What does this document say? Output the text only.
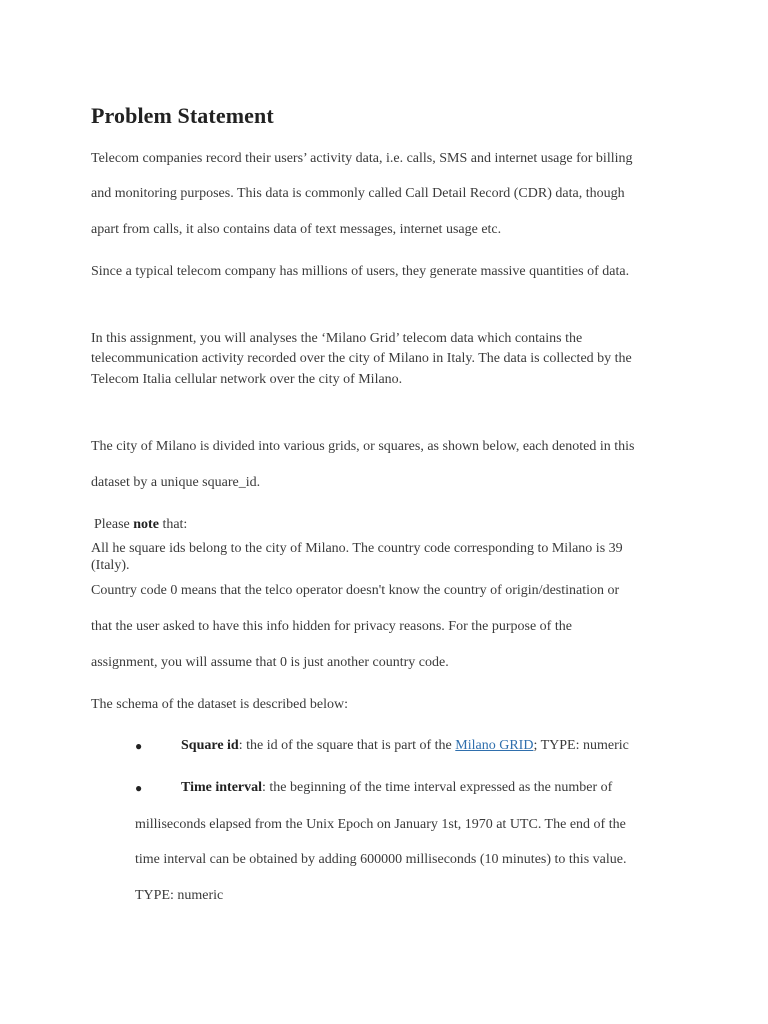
Problem Statement

Telecom companies record their users’ activity data, i.e. calls, SMS and internet usage for billing

and monitoring purposes. This data is commonly called Call Detail Record (CDR) data, though

apart from calls, it also contains data of text messages, internet usage etc.

Since a typical telecom company has millions of users, they generate massive quantities of data.

In this assignment, you will analyses the ‘Milano Grid’ telecom data which contains the

telecommunication activity recorded over the city of Milano in Italy. The data is collected by the

Telecom Italia cellular network over the city of Milano.

The city of Milano is divided into various grids, or squares, as shown below, each denoted in this

dataset by a unique square_id.

Please note that:

All he square ids belong to the city of Milano. The country code corresponding to Milano is 39

(Italy).

Country code 0 means that the telco operator doesn't know the country of origin/destination or

that the user asked to have this info hidden for privacy reasons. For the purpose of the

assignment, you will assume that 0 is just another country code.

The schema of the dataset is described below:

●	Square id: the id of the square that is part of the Milano GRID; TYPE: numeric

●	Time interval: the beginning of the time interval expressed as the number of

milliseconds elapsed from the Unix Epoch on January 1st, 1970 at UTC. The end of the

time interval can be obtained by adding 600000 milliseconds (10 minutes) to this value.

TYPE: numeric
